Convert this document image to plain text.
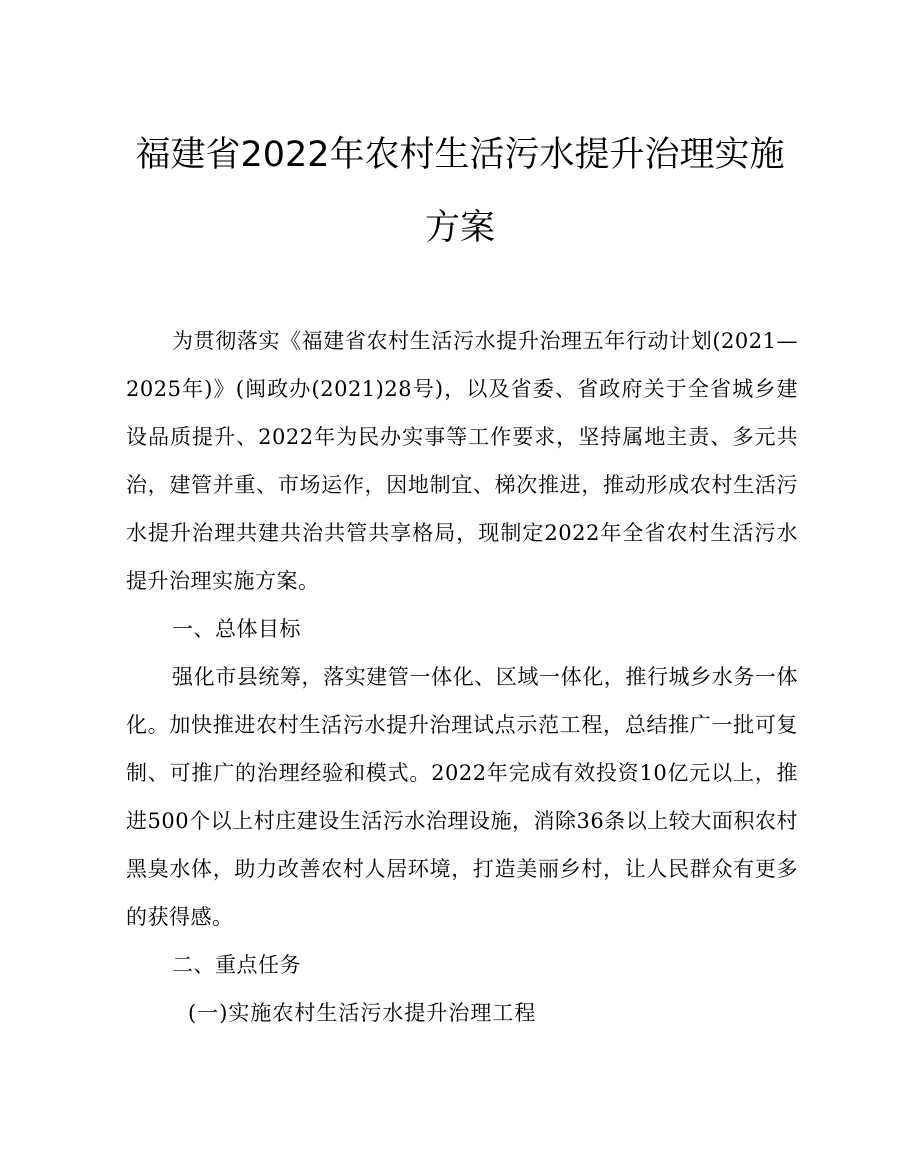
福建省2022年农村生活污水提升治理实施
方案

为贯彻落实《福建省农村生活污水提升治理五年行动计划(2021—2025年)》(闽政办(2021)28号)，以及省委、省政府关于全省城乡建设品质提升、2022年为民办实事等工作要求，坚持属地主责、多元共治，建管并重、市场运作，因地制宜、梯次推进，推动形成农村生活污水提升治理共建共治共管共享格局，现制定2022年全省农村生活污水提升治理实施方案。

一、总体目标

强化市县统筹，落实建管一体化、区域一体化，推行城乡水务一体化。加快推进农村生活污水提升治理试点示范工程，总结推广一批可复制、可推广的治理经验和模式。2022年完成有效投资10亿元以上，推进500个以上村庄建设生活污水治理设施，消除36条以上较大面积农村黑臭水体，助力改善农村人居环境，打造美丽乡村，让人民群众有更多的获得感。

二、重点任务

(一)实施农村生活污水提升治理工程
